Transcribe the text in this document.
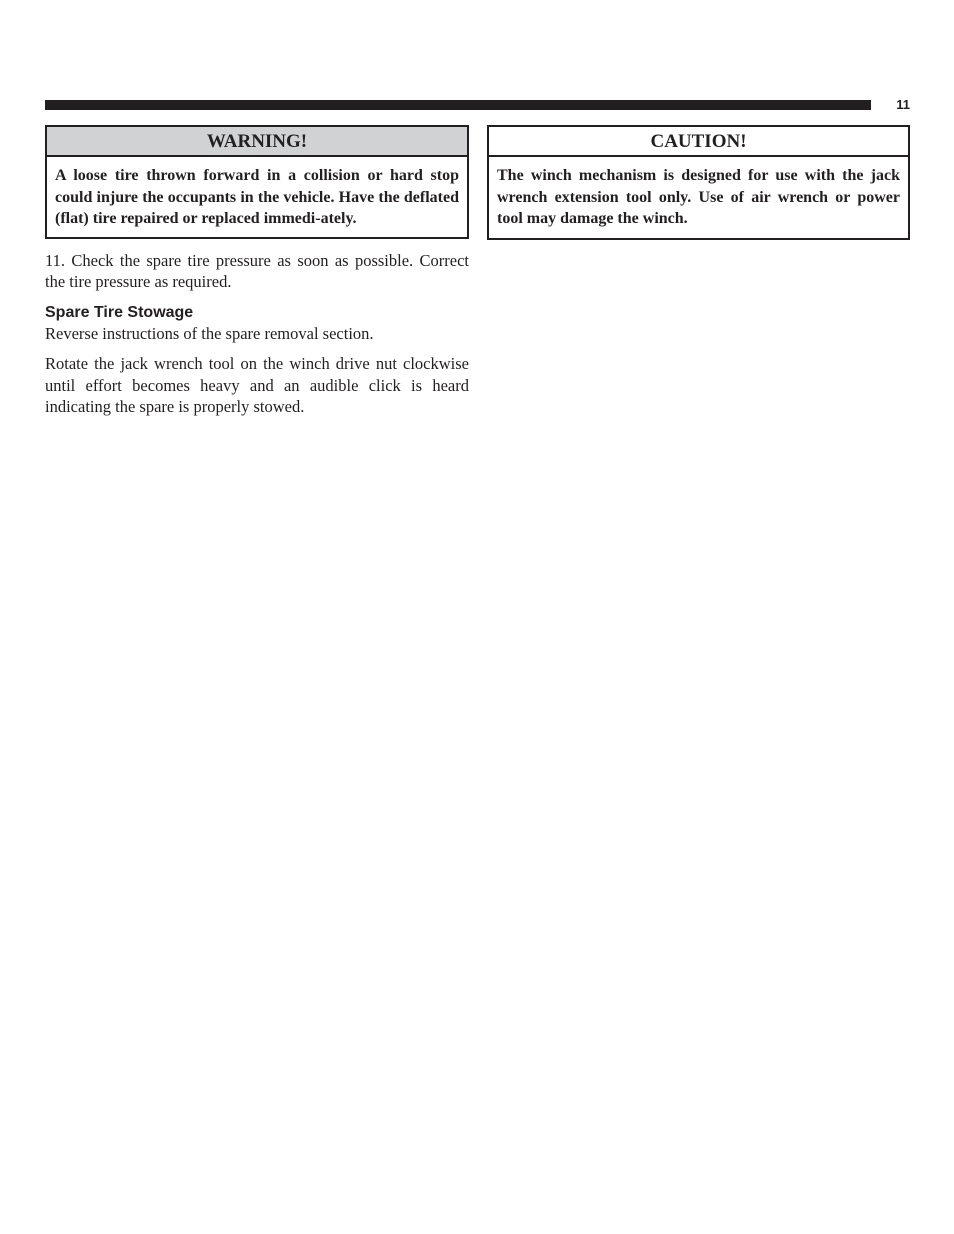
11
WARNING!
A loose tire thrown forward in a collision or hard stop could injure the occupants in the vehicle. Have the deflated (flat) tire repaired or replaced immedi-ately.

11. Check the spare tire pressure as soon as possible. Correct the tire pressure as required.

Spare Tire Stowage

Reverse instructions of the spare removal section.

Rotate the jack wrench tool on the winch drive nut clockwise until effort becomes heavy and an audible click is heard indicating the spare is properly stowed.

CAUTION!
The winch mechanism is designed for use with the jack wrench extension tool only. Use of air wrench or power tool may damage the winch.
